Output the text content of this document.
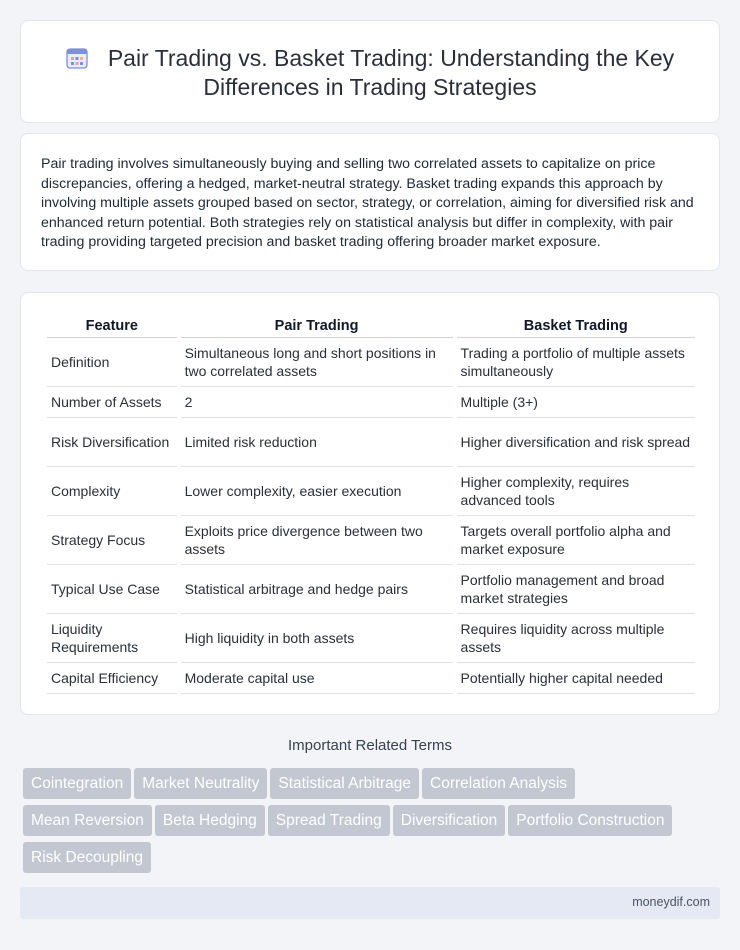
Pair Trading vs. Basket Trading: Understanding the Key Differences in Trading Strategies

Pair trading involves simultaneously buying and selling two correlated assets to capitalize on price discrepancies, offering a hedged, market-neutral strategy. Basket trading expands this approach by involving multiple assets grouped based on sector, strategy, or correlation, aiming for diversified risk and enhanced return potential. Both strategies rely on statistical analysis but differ in complexity, with pair trading providing targeted precision and basket trading offering broader market exposure.

Feature	Pair Trading	Basket Trading
Definition	Simultaneous long and short positions in two correlated assets	Trading a portfolio of multiple assets simultaneously
Number of Assets	2	Multiple (3+)
Risk Diversification	Limited risk reduction	Higher diversification and risk spread
Complexity	Lower complexity, easier execution	Higher complexity, requires advanced tools
Strategy Focus	Exploits price divergence between two assets	Targets overall portfolio alpha and market exposure
Typical Use Case	Statistical arbitrage and hedge pairs	Portfolio management and broad market strategies
Liquidity Requirements	High liquidity in both assets	Requires liquidity across multiple assets
Capital Efficiency	Moderate capital use	Potentially higher capital needed
Important Related Terms
Cointegration Market Neutrality Statistical Arbitrage Correlation Analysis
Mean Reversion Beta Hedging Spread Trading Diversification Portfolio Construction
Risk Decoupling
moneydif.com
